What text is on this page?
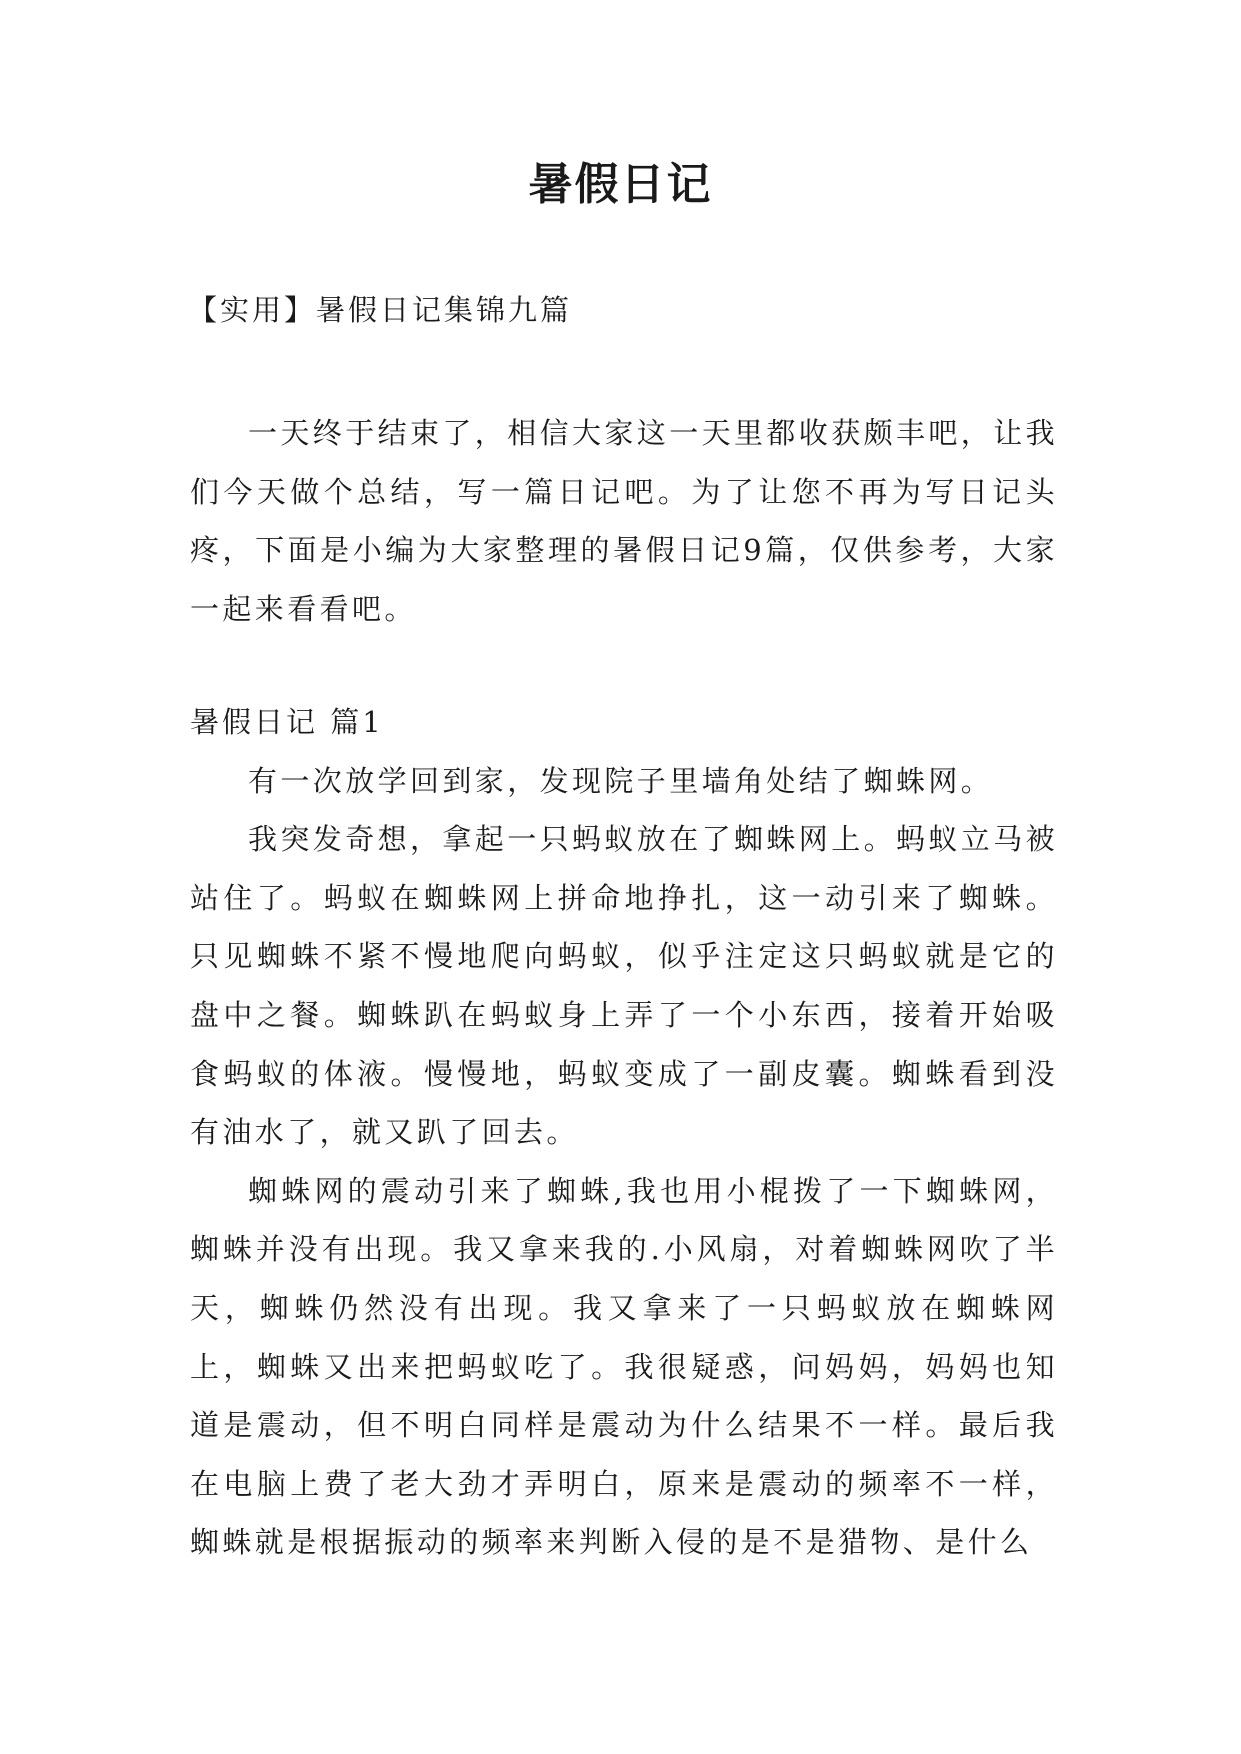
暑假日记

【实用】暑假日记集锦九篇

一天终于结束了，相信大家这一天里都收获颇丰吧，让我们今天做个总结，写一篇日记吧。为了让您不再为写日记头疼，下面是小编为大家整理的暑假日记9篇，仅供参考，大家一起来看看吧。

暑假日记 篇1

有一次放学回到家，发现院子里墙角处结了蜘蛛网。

我突发奇想，拿起一只蚂蚁放在了蜘蛛网上。蚂蚁立马被站住了。蚂蚁在蜘蛛网上拼命地挣扎，这一动引来了蜘蛛。只见蜘蛛不紧不慢地爬向蚂蚁，似乎注定这只蚂蚁就是它的盘中之餐。蜘蛛趴在蚂蚁身上弄了一个小东西，接着开始吸食蚂蚁的体液。慢慢地，蚂蚁变成了一副皮囊。蜘蛛看到没有油水了，就又趴了回去。

蜘蛛网的震动引来了蜘蛛,我也用小棍拨了一下蜘蛛网，蜘蛛并没有出现。我又拿来我的.小风扇，对着蜘蛛网吹了半天，蜘蛛仍然没有出现。我又拿来了一只蚂蚁放在蜘蛛网上，蜘蛛又出来把蚂蚁吃了。我很疑惑，问妈妈，妈妈也知道是震动，但不明白同样是震动为什么结果不一样。最后我在电脑上费了老大劲才弄明白，原来是震动的频率不一样，蜘蛛就是根据振动的频率来判断入侵的是不是猎物、是什么
